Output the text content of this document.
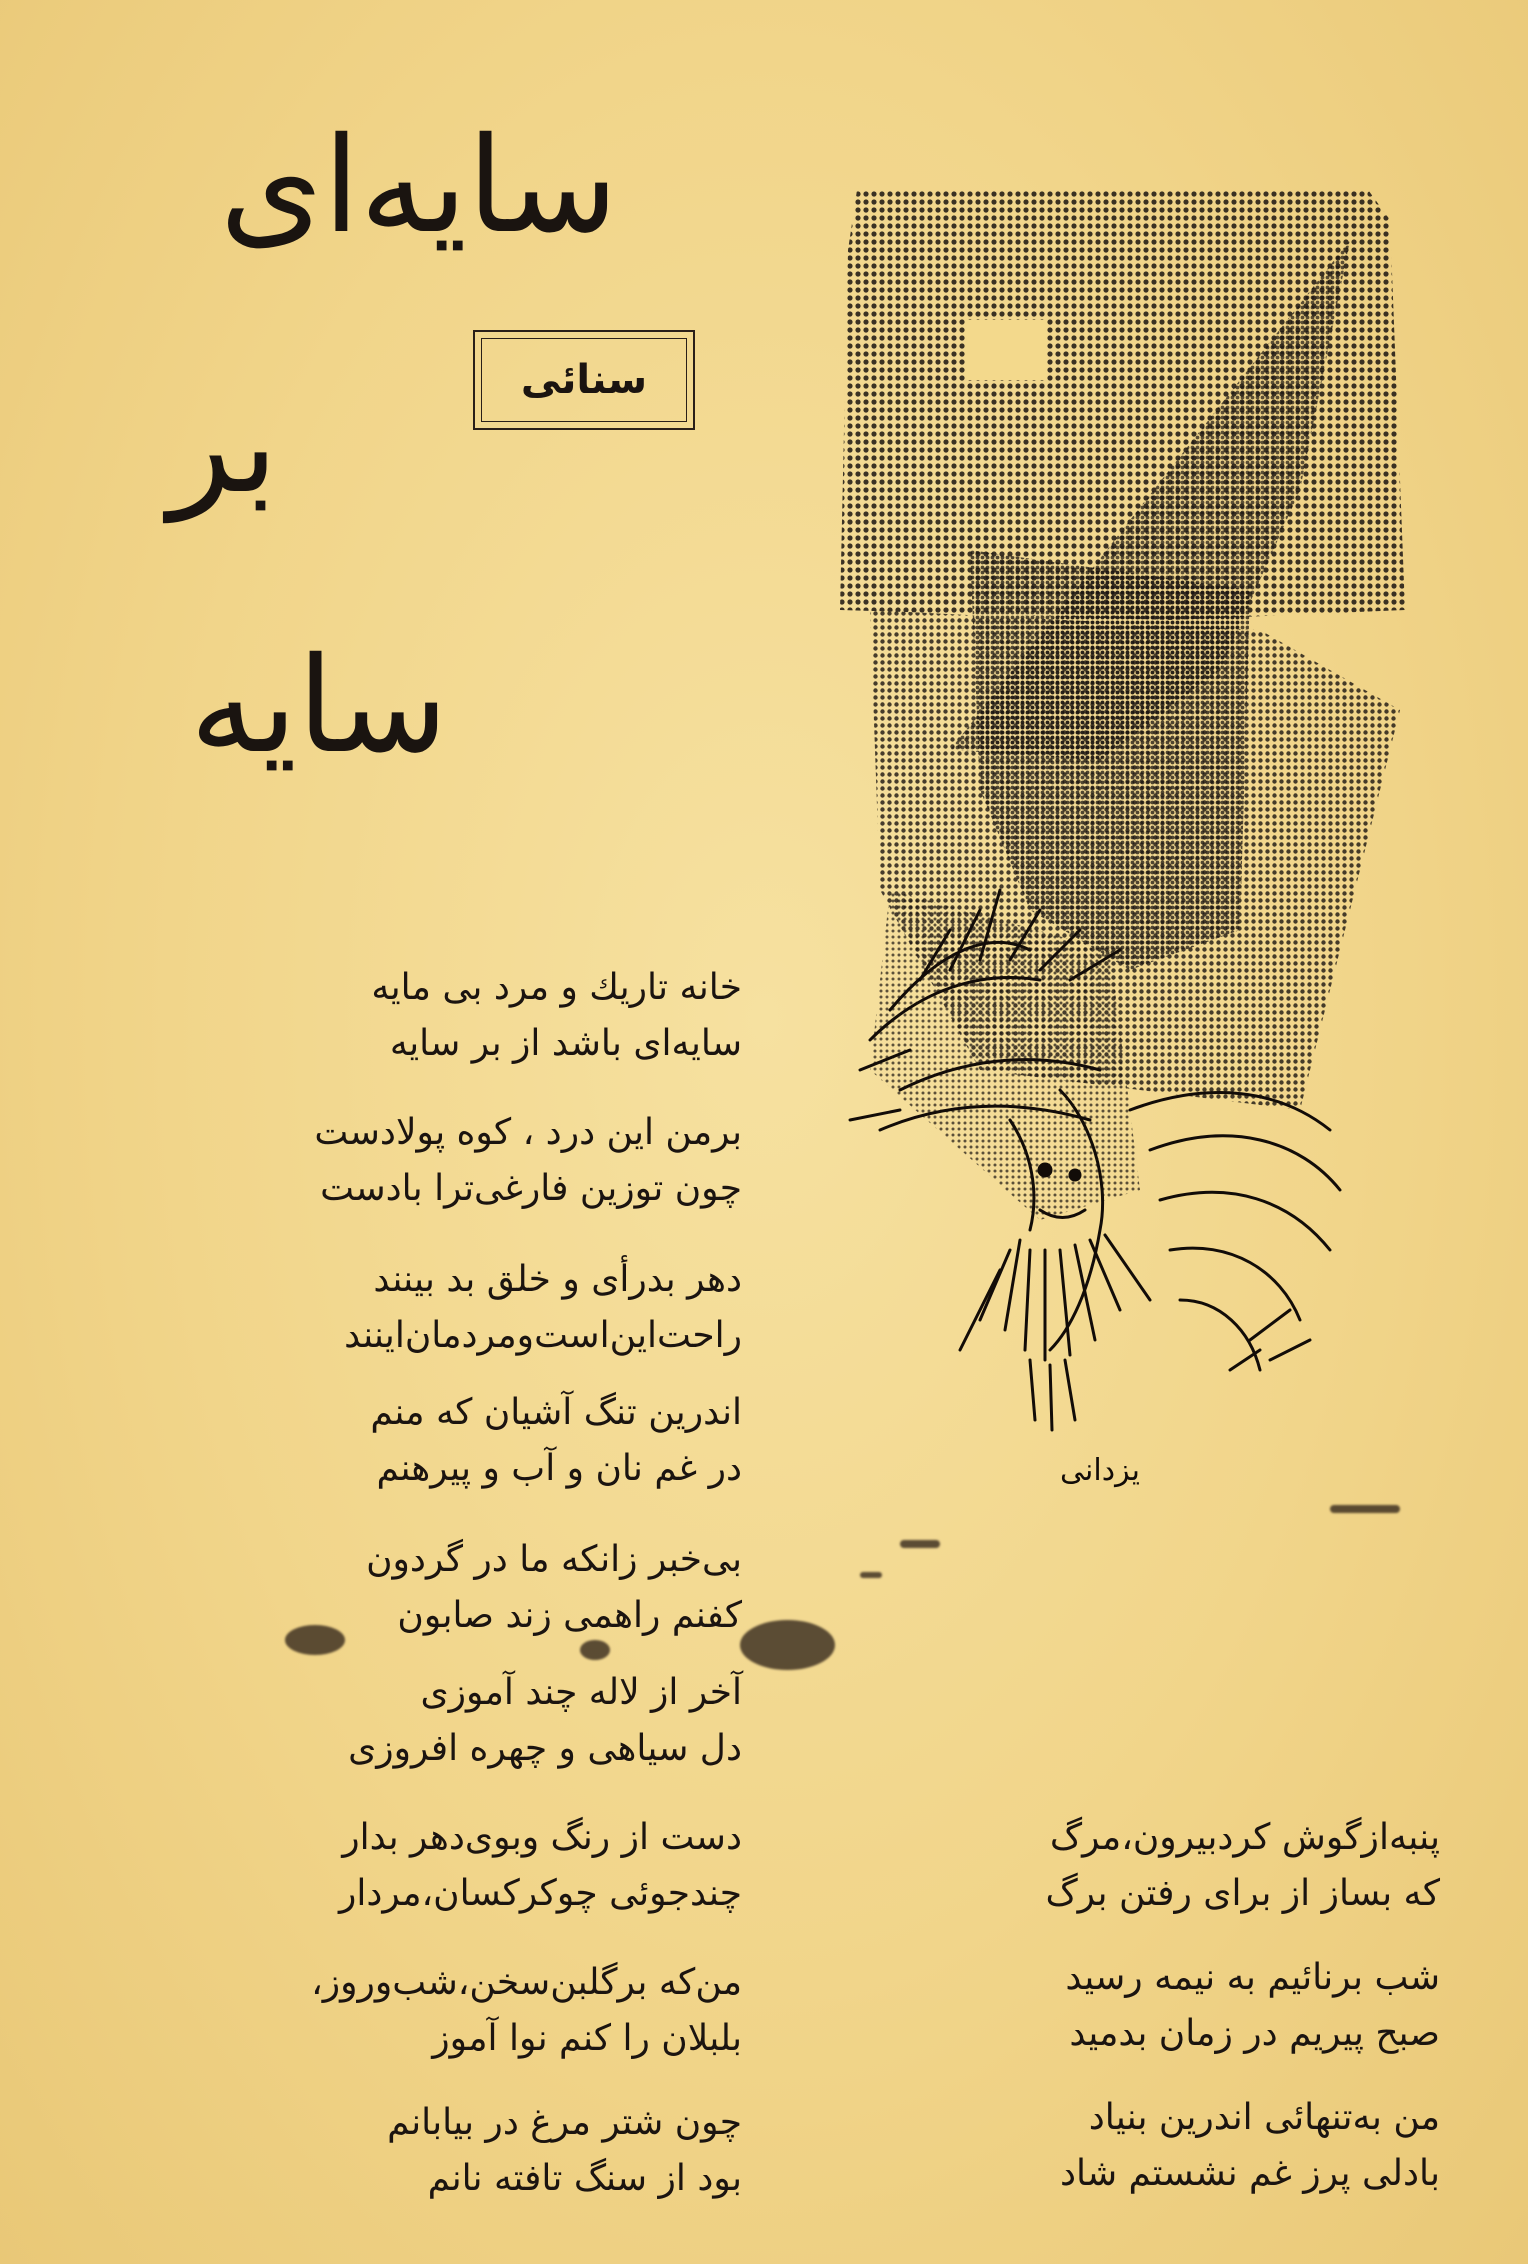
سایه‌ای
بر
سایه
سنائی
یزدانی
خانه تاریك و مرد بی مایه
سایه‌ای باشد از بر سایه
برمن این درد ، کوه پولادست
چون توزین فارغی‌ترا بادست
دهر بدرأی و خلق بد بینند
راحت‌این‌است‌ومردمان‌اینند
اندرین تنگ آشیان که منم
در غم نان و آب و پیرهنم
بی‌خبر زانکه ما در گردون
کفنم راهمی زند صابون
آخر از لاله چند آموزی
دل سیاهی و چهره افروزی
دست از رنگ وبوی‌دهر بدار
چندجوئی چوکرکسان،مردار
من‌که برگلبن‌سخن،شب‌وروز،
بلبلان را کنم نوا آموز
چون شتر مرغ در بیابانم
بود از سنگ تافته نانم
پنبه‌ازگوش کردبیرون،مرگ
که بساز از برای رفتن برگ
شب برنائیم به نیمه رسید
صبح پیریم در زمان بدمید
من به‌تنهائی اندرین بنیاد
بادلی پرز غم نشستم شاد
